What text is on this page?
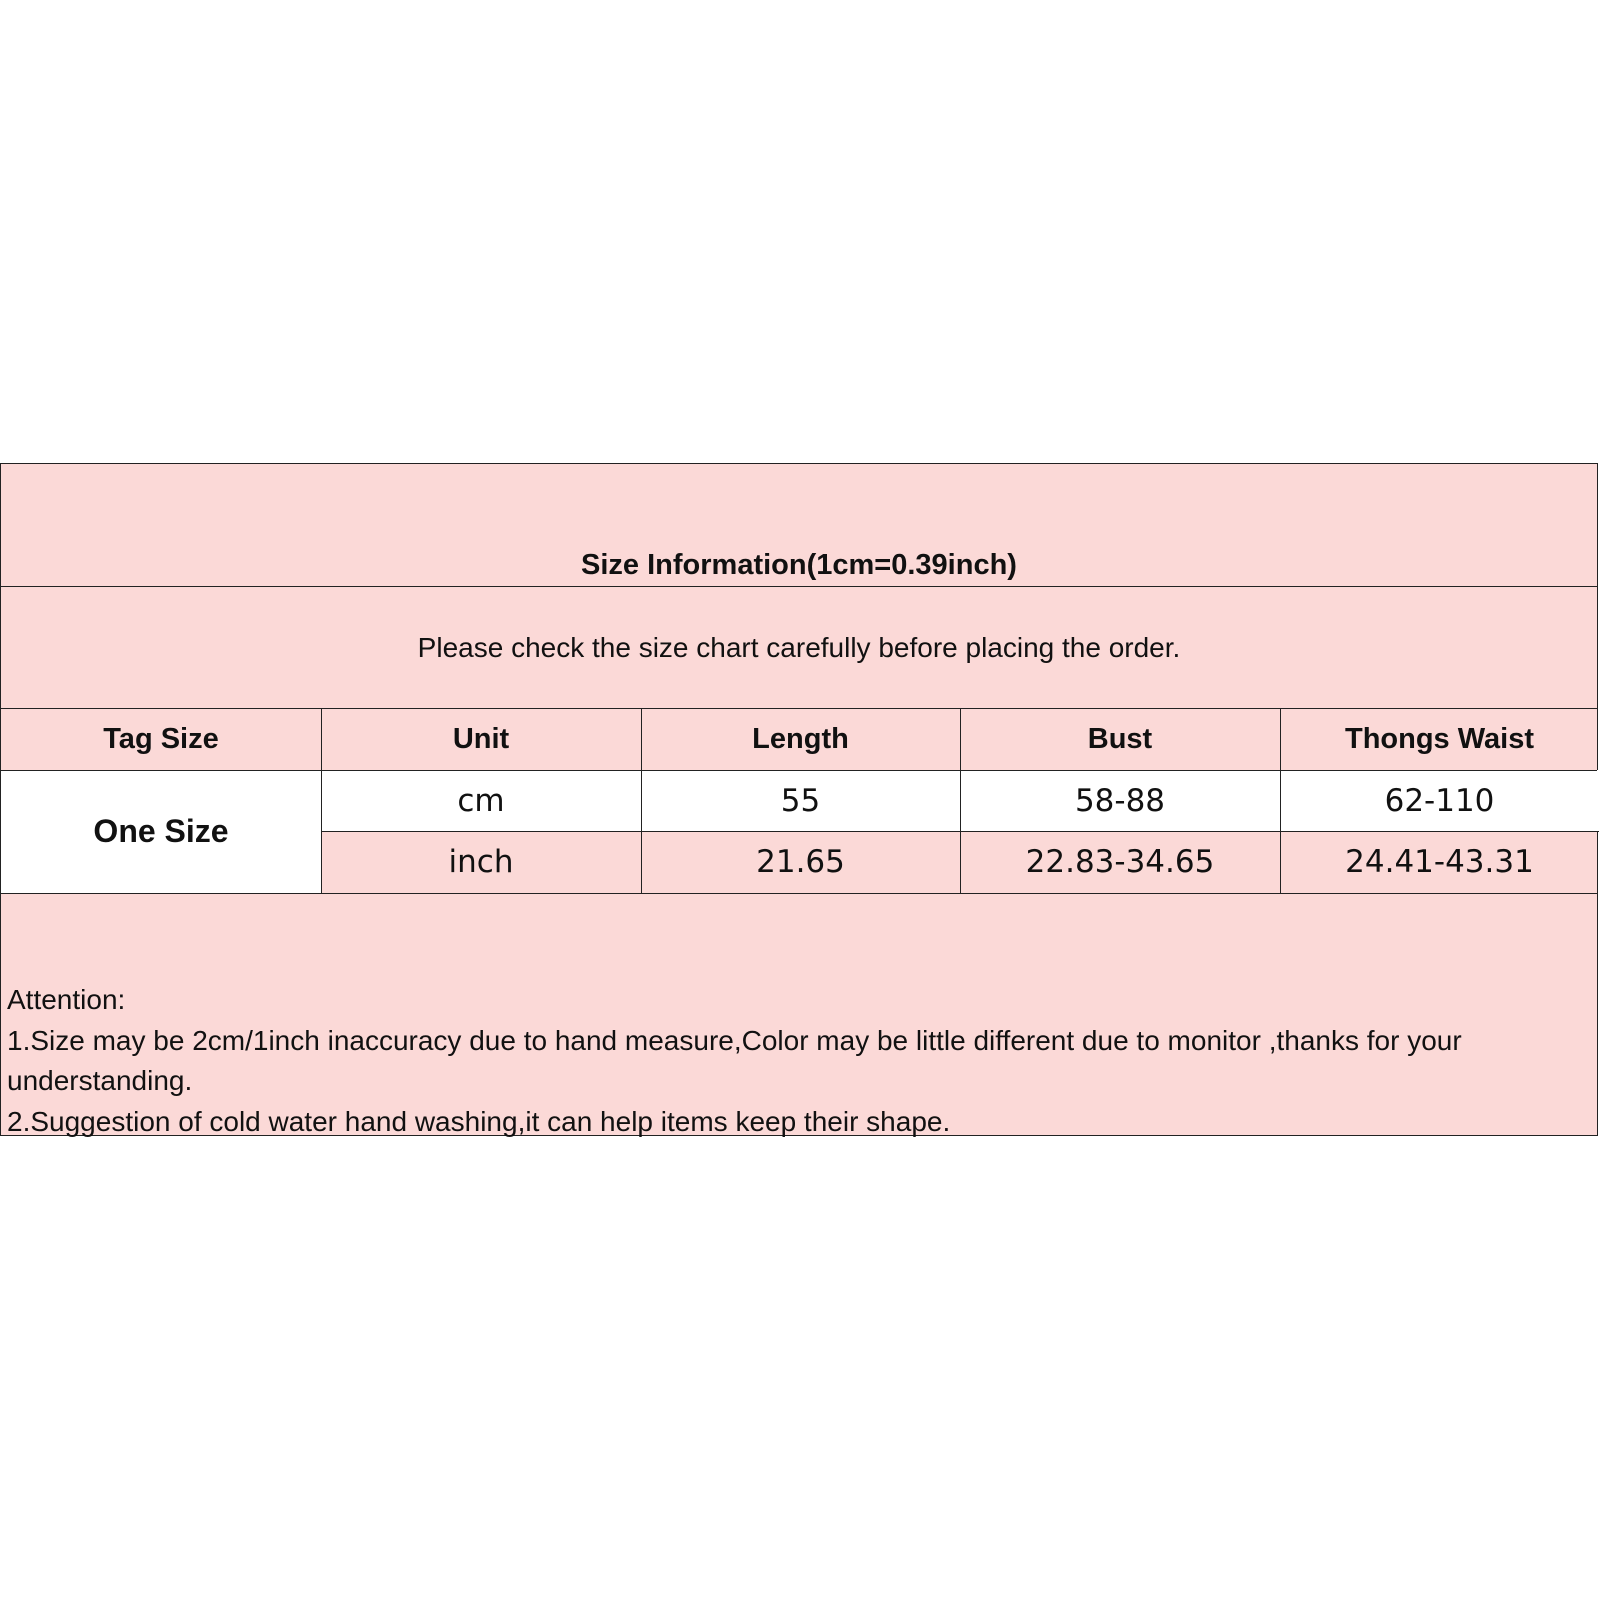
Size Information(1cm=0.39inch)
Please check the size chart carefully before placing the order.
Tag Size	Unit	Length	Bust	Thongs Waist
One Size
cm	55	58-88	62-110
inch	21.65	22.83-34.65	24.41-43.31
Attention:
1.Size may be 2cm/1inch inaccuracy due to hand measure,Color may be little different due to monitor ,thanks for your understanding.
2.Suggestion of cold water hand washing,it can help items keep their shape.
